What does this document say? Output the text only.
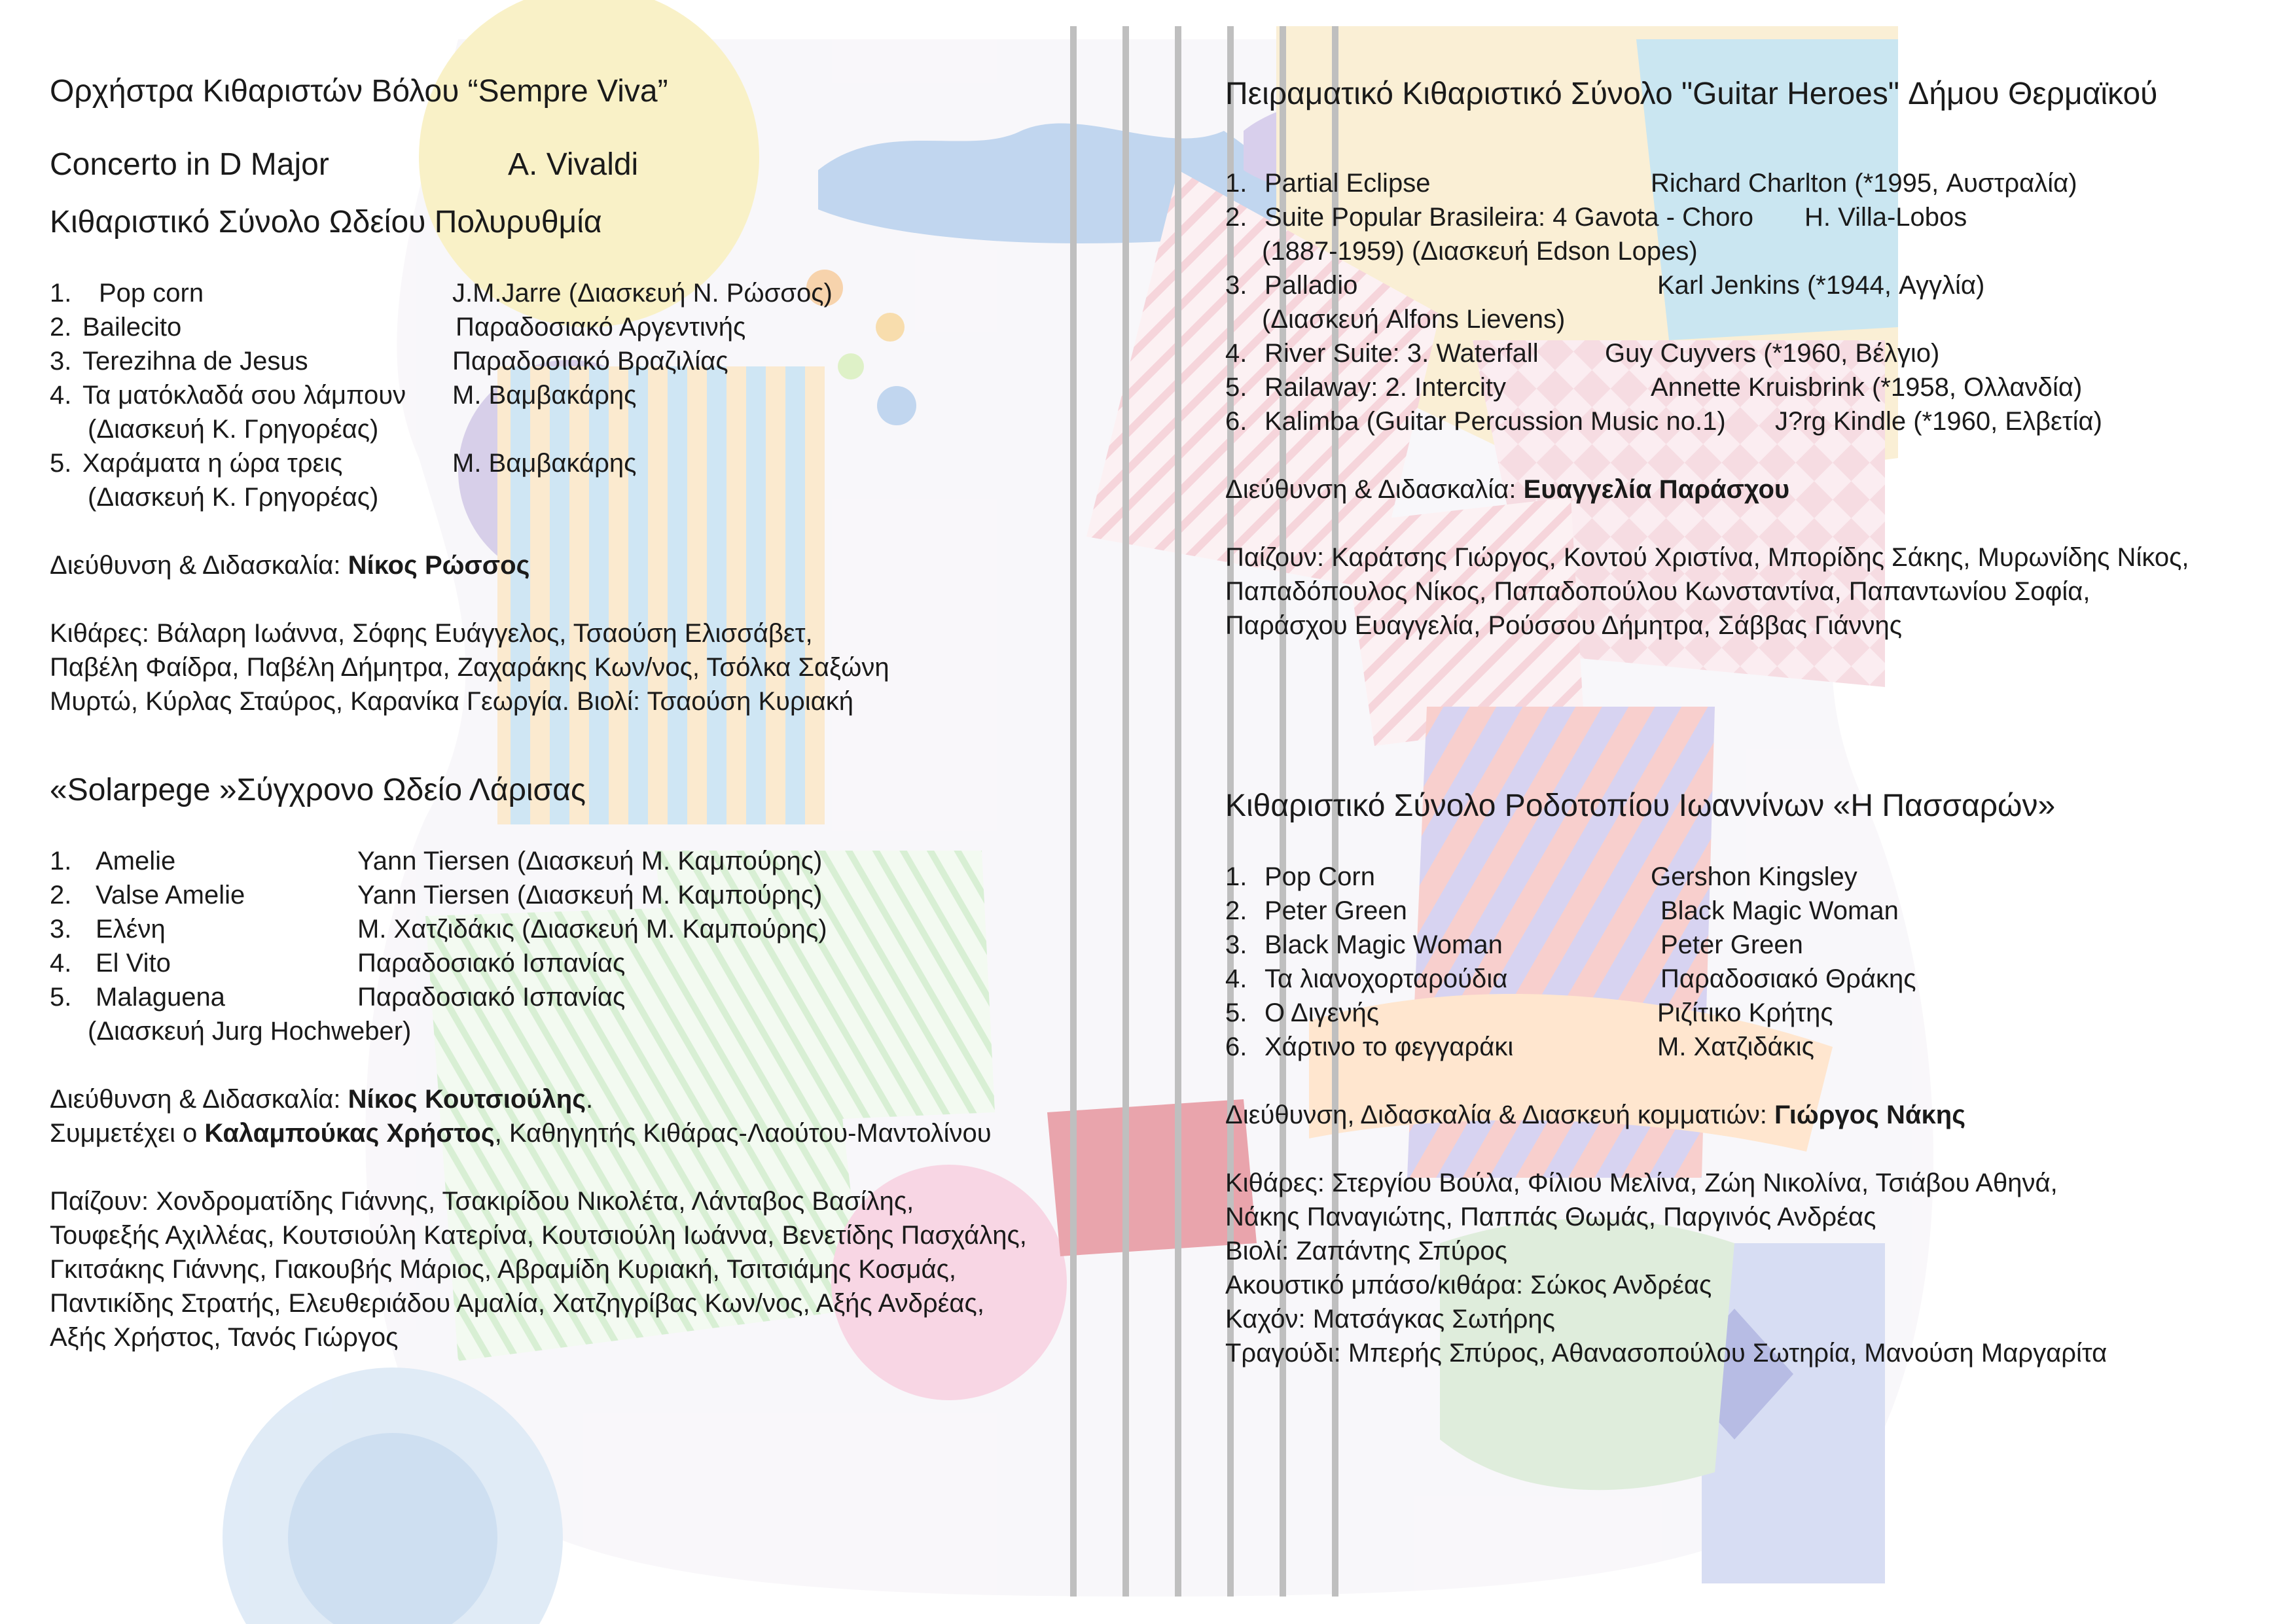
Ορχήστρα Κιθαριστών Βόλου “Sempre Viva”

Concerto in D Major	A. Vivaldi

Κιθαριστικό Σύνολο Ωδείου Πολυρυθμία

1. Pop corn	J.M.Jarre (Διασκευή Ν. Ρώσσος)

2. Bailecito	Παραδοσιακό Αργεντινής

3. Terezihna de Jesus	Παραδοσιακό Βραζιλίας

4. Τα ματόκλαδά σου λάμπουν Μ. Βαμβακάρης

(Διασκευή Κ. Γρηγορέας)

5. Χαράματα η ώρα τρεις	Μ. Βαμβακάρης

(Διασκευή Κ. Γρηγορέας)

Διεύθυνση & Διδασκαλία: Νίκος Ρώσσος

Κιθάρες: Βάλαρη Ιωάννα, Σόφης Ευάγγελος, Τσαούση Ελισσάβετ,

Παβέλη Φαίδρα, Παβέλη Δήμητρα, Ζαχαράκης Κων/νος, Τσόλκα Σαξώνη

Μυρτώ, Κύρλας Σταύρος, Καρανίκα Γεωργία. Βιολί: Τσαούση Κυριακή

«Solarpege »Σύγχρονο Ωδείο Λάρισας

1. Amelie	Yann Tiersen (Διασκευή Μ. Καμπούρης)

2. Valse Amelie	Yann Tiersen (Διασκευή Μ. Καμπούρης)

3. Ελένη	Μ. Χατζιδάκις (Διασκευή Μ. Καμπούρης)

4. El Vito	Παραδοσιακό Ισπανίας

5. Malaguena	Παραδοσιακό Ισπανίας

(Διασκευή Jurg Hochweber)

Διεύθυνση & Διδασκαλία: Νίκος Κουτσιούλης.

Συμμετέχει ο Καλαμπούκας Χρήστος, Καθηγητής Κιθάρας-Λαούτου-Μαντολίνου

Παίζουν: Χονδροματίδης Γιάννης, Τσακιρίδου Νικολέτα, Λάνταβος Βασίλης,

Τουφεξής Αχιλλέας, Κουτσιούλη Κατερίνα, Κουτσιούλη Ιωάννα, Βενετίδης Πασχάλης,

Γκιτσάκης Γιάννης, Γιακουβής Μάριος, Αβραμίδη Κυριακή, Τσιτσιάμης Κοσμάς,

Παντικίδης Στρατής, Ελευθεριάδου Αμαλία, Χατζηγρίβας Κων/νος, Αξής Ανδρέας,

Αξής Χρήστος, Τανός Γιώργος

Πειραματικό Κιθαριστικό Σύνολο "Guitar Heroes" Δήμου Θερμαϊκού

1. Partial Eclipse	Richard Charlton (*1995, Αυστραλία)

2. Suite Popular Brasileira: 4 Gavota - Choro H. Villa-Lobos

(1887-1959) (Διασκευή Edson Lopes)

3. Palladio	Karl Jenkins (*1944, Αγγλία)

(Διασκευή Alfons Lievens)

4. River Suite: 3. Waterfall	Guy Cuyvers (*1960, Βέλγιο)

5. Railaway: 2. Intercity	Annette Kruisbrink (*1958, Ολλανδία)

6. Kalimba (Guitar Percussion Music no.1) J?rg Kindle (*1960, Ελβετία)

Διεύθυνση & Διδασκαλία: Ευαγγελία Παράσχου

Παίζουν: Καράτσης Γιώργος, Κοντού Χριστίνα, Μπορίδης Σάκης, Μυρωνίδης Νίκος,

Παπαδόπουλος Νίκος, Παπαδοπούλου Κωνσταντίνα, Παπαντωνίου Σοφία,

Παράσχου Ευαγγελία, Ρούσσου Δήμητρα, Σάββας Γιάννης

Κιθαριστικό Σύνολο Ροδοτοπίου Ιωαννίνων «Η Πασσαρών»

1. Pop Corn	Gershon Kingsley

2. Peter Green	Black Magic Woman

3. Black Magic Woman	Peter Green

4. Τα λιανοχορταρούδια	Παραδοσιακό Θράκης

5. Ο Διγενής	Ριζίτικο Κρήτης

6. Χάρτινο το φεγγαράκι	Μ. Χατζιδάκις

Διεύθυνση, Διδασκαλία & Διασκευή κομματιών: Γιώργος Νάκης

Κιθάρες: Στεργίου Βούλα, Φίλιου Μελίνα, Ζώη Νικολίνα, Τσιάβου Αθηνά,

Νάκης Παναγιώτης, Παππάς Θωμάς, Παργινός Ανδρέας

Βιολί: Ζαπάντης Σπύρος

Ακουστικό μπάσο/κιθάρα: Σώκος Ανδρέας

Καχόν: Ματσάγκας Σωτήρης

Τραγούδι: Μπερής Σπύρος, Αθανασοπούλου Σωτηρία, Μανούση Μαργαρίτα
